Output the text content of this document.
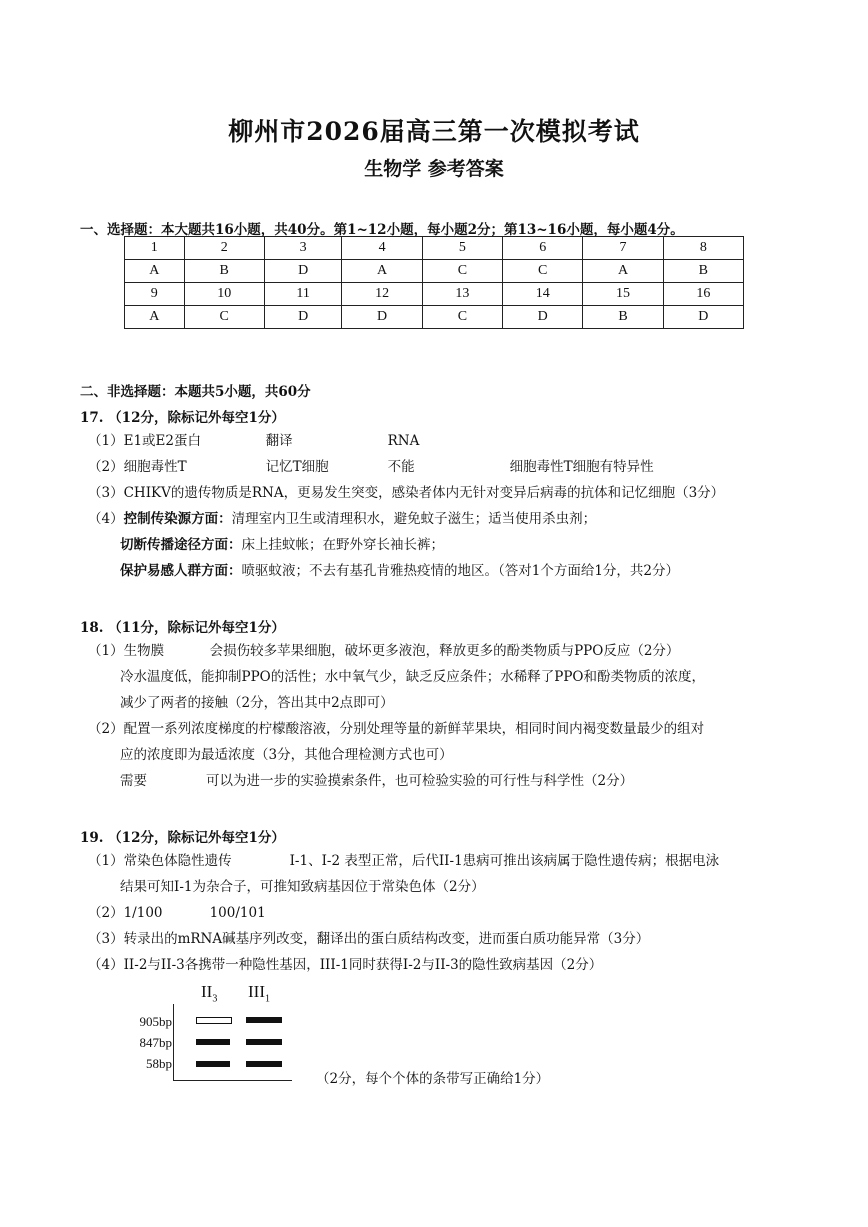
柳州市2026届高三第一次模拟考试
生物学 参考答案
一、选择题：本大题共16小题，共40分。第1~12小题，每小题2分；第13~16小题，每小题4分。
1	2	3	4	5	6	7	8
A	B	D	A	C	C	A	B
9	10	11	12	13	14	15	16
A	C	D	D	C	D	B	D
二、非选择题：本题共5小题，共60分
17. （12分，除标记外每空1分）
（1）E1或E2蛋白	翻译	RNA
（2）细胞毒性T	记忆T细胞	不能	细胞毒性T细胞有特异性
（3）CHIKV的遗传物质是RNA，更易发生突变，感染者体内无针对变异后病毒的抗体和记忆细胞（3分）
（4）控制传染源方面：清理室内卫生或清理积水，避免蚊子滋生；适当使用杀虫剂；
切断传播途径方面：床上挂蚊帐；在野外穿长袖长裤；
保护易感人群方面：喷驱蚊液；不去有基孔肯雅热疫情的地区。（答对1个方面给1分，共2分）
18. （11分，除标记外每空1分）
（1）生物膜	会损伤较多苹果细胞，破坏更多液泡，释放更多的酚类物质与PPO反应（2分）
冷水温度低，能抑制PPO的活性；水中氧气少，缺乏反应条件；水稀释了PPO和酚类物质的浓度，
减少了两者的接触（2分，答出其中2点即可）
（2）配置一系列浓度梯度的柠檬酸溶液，分别处理等量的新鲜苹果块，相同时间内褐变数量最少的组对
应的浓度即为最适浓度（3分，其他合理检测方式也可）
需要	可以为进一步的实验摸索条件，也可检验实验的可行性与科学性（2分）
19. （12分，除标记外每空1分）
（1）常染色体隐性遗传	I-1、I-2 表型正常，后代II-1患病可推出该病属于隐性遗传病；根据电泳
结果可知I-1为杂合子，可推知致病基因位于常染色体（2分）
（2）1/100	100/101
（3）转录出的mRNA碱基序列改变，翻译出的蛋白质结构改变，进而蛋白质功能异常（3分）
（4）II-2与II-3各携带一种隐性基因，III-1同时获得I-2与II-3的隐性致病基因（2分）
$II_3$ $III_1$
905bp
847bp
58bp
（2分，每个个体的条带写正确给1分）
